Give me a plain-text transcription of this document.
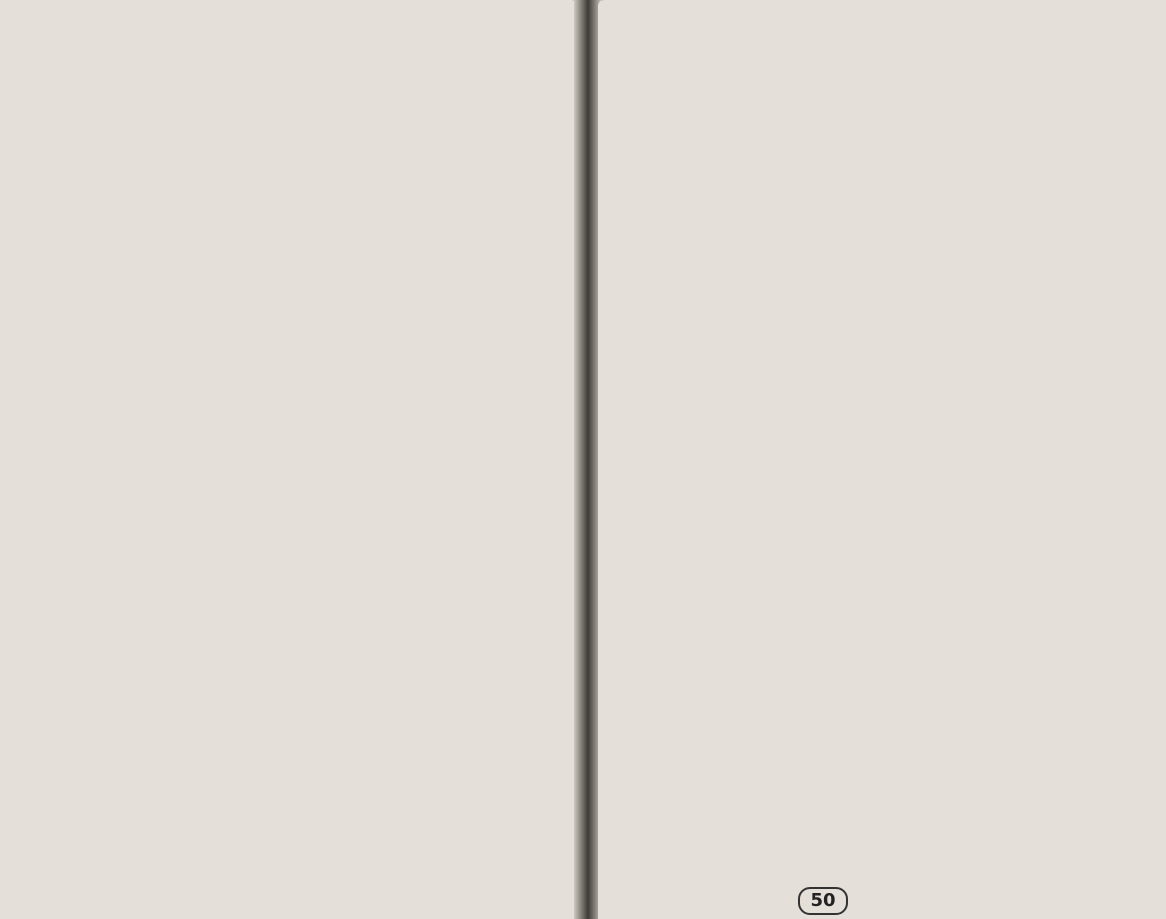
50
